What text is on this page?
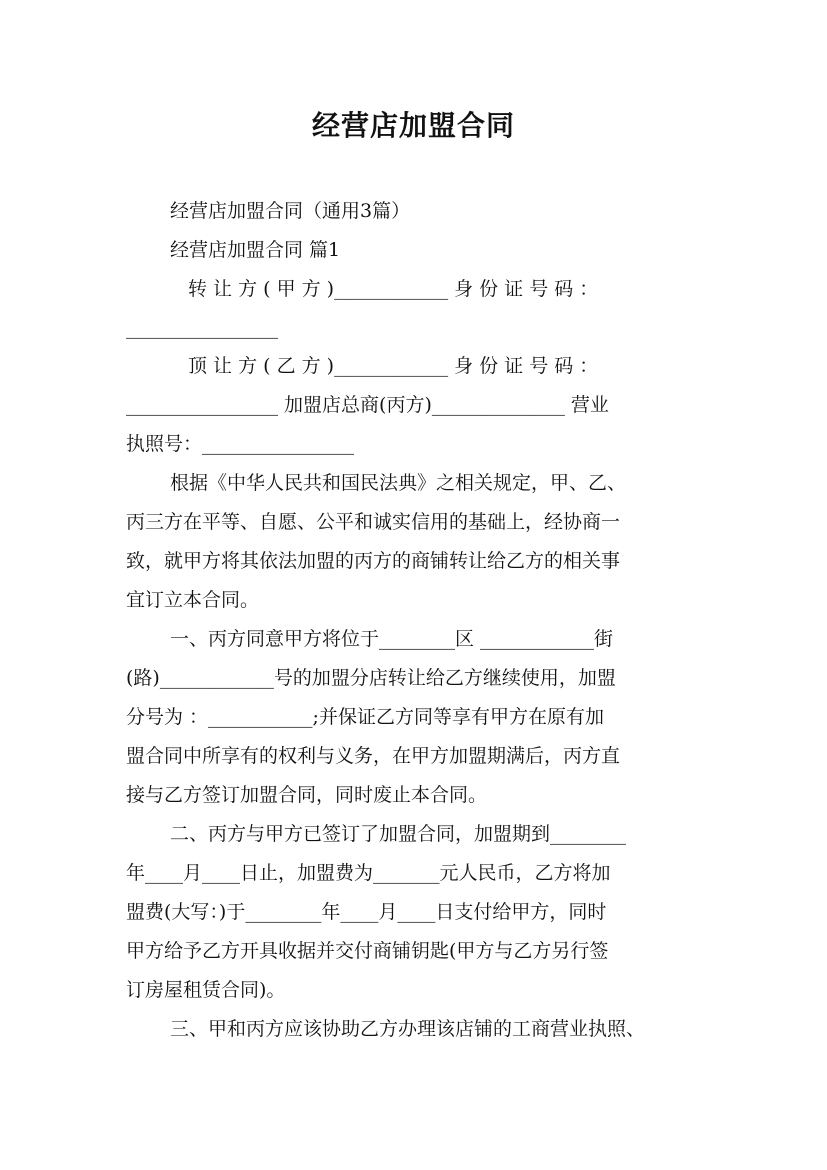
经营店加盟合同

经营店加盟合同（通用3篇）

经营店加盟合同 篇1

转 让 方 ( 甲 方 )____________ 身 份 证 号 码 ：

________________

顶 让 方 ( 乙 方 )____________ 身 份 证 号 码 ：

________________ 加盟店总商(丙方)______________ 营业

执照号：________________

根据《中华人民共和国民法典》之相关规定，甲、乙、

丙三方在平等、自愿、公平和诚实信用的基础上，经协商一

致，就甲方将其依法加盟的丙方的商铺转让给乙方的相关事

宜订立本合同。

一、丙方同意甲方将位于________区 ____________街

(路)____________号的加盟分店转让给乙方继续使用，加盟

分号为 ：___________;并保证乙方同等享有甲方在原有加

盟合同中所享有的权利与义务，在甲方加盟期满后，丙方直

接与乙方签订加盟合同，同时废止本合同。

二、丙方与甲方已签订了加盟合同，加盟期到________

年____月____日止，加盟费为_______元人民币，乙方将加

盟费(大写：)于________年____月____日支付给甲方，同时

甲方给予乙方开具收据并交付商铺钥匙(甲方与乙方另行签

订房屋租赁合同)。

三、甲和丙方应该协助乙方办理该店铺的工商营业执照、
